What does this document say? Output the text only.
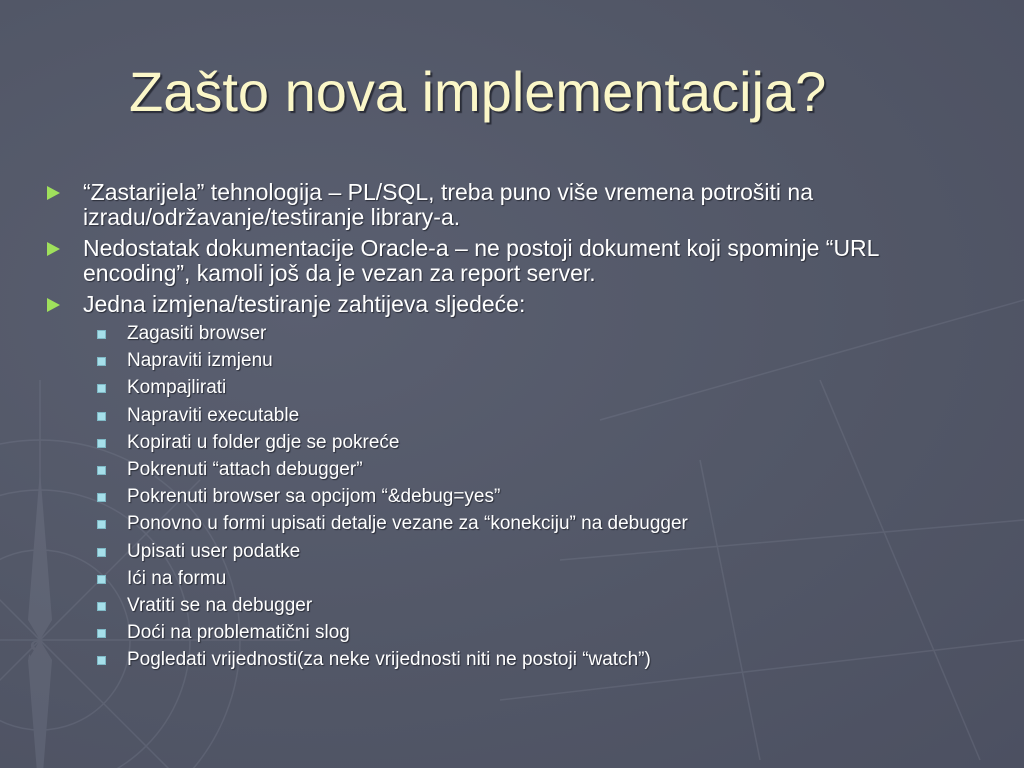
S
Zašto nova implementacija?
“Zastarijela” tehnologija – PL/SQL, treba puno više vremena potrošiti na izradu/održavanje/testiranje library-a.
Nedostatak dokumentacije Oracle-a – ne postoji dokument koji spominje “URL encoding”, kamoli još da je vezan za report server.
Jedna izmjena/testiranje zahtijeva sljedeće:
Zagasiti browser
Napraviti izmjenu
Kompajlirati
Napraviti executable
Kopirati u folder gdje se pokreće
Pokrenuti “attach debugger”
Pokrenuti browser sa opcijom “&debug=yes”
Ponovno u formi upisati detalje vezane za “konekciju” na debugger
Upisati user podatke
Ići na formu
Vratiti se na debugger
Doći na problematični slog
Pogledati vrijednosti(za neke vrijednosti niti ne postoji “watch”)
